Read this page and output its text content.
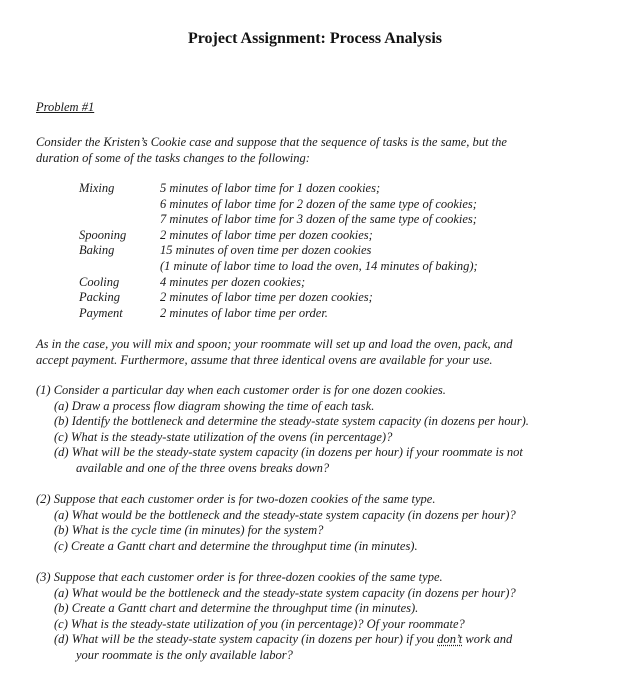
Project Assignment: Process Analysis
Problem #1
Consider the Kristen’s Cookie case and suppose that the sequence of tasks is the same, but the
duration of some of the tasks changes to the following:
Mixing	5 minutes of labor time for 1 dozen cookies;

6 minutes of labor time for 2 dozen of the same type of cookies;

7 minutes of labor time for 3 dozen of the same type of cookies;
Spooning	2 minutes of labor time per dozen cookies;
Baking	15 minutes of oven time per dozen cookies

(1 minute of labor time to load the oven, 14 minutes of baking);
Cooling	4 minutes per dozen cookies;
Packing	2 minutes of labor time per dozen cookies;
Payment	2 minutes of labor time per order.
As in the case, you will mix and spoon; your roommate will set up and load the oven, pack, and
accept payment. Furthermore, assume that three identical ovens are available for your use.
(1) Consider a particular day when each customer order is for one dozen cookies.
(a) Draw a process flow diagram showing the time of each task.
(b) Identify the bottleneck and determine the steady-state system capacity (in dozens per hour).
(c) What is the steady-state utilization of the ovens (in percentage)?
(d) What will be the steady-state system capacity (in dozens per hour) if your roommate is not
available and one of the three ovens breaks down?
(2) Suppose that each customer order is for two-dozen cookies of the same type.
(a) What would be the bottleneck and the steady-state system capacity (in dozens per hour)?
(b) What is the cycle time (in minutes) for the system?
(c) Create a Gantt chart and determine the throughput time (in minutes).
(3) Suppose that each customer order is for three-dozen cookies of the same type.
(a) What would be the bottleneck and the steady-state system capacity (in dozens per hour)?
(b) Create a Gantt chart and determine the throughput time (in minutes).
(c) What is the steady-state utilization of you (in percentage)? Of your roommate?
(d) What will be the steady-state system capacity (in dozens per hour) if you don’t work and
your roommate is the only available labor?
